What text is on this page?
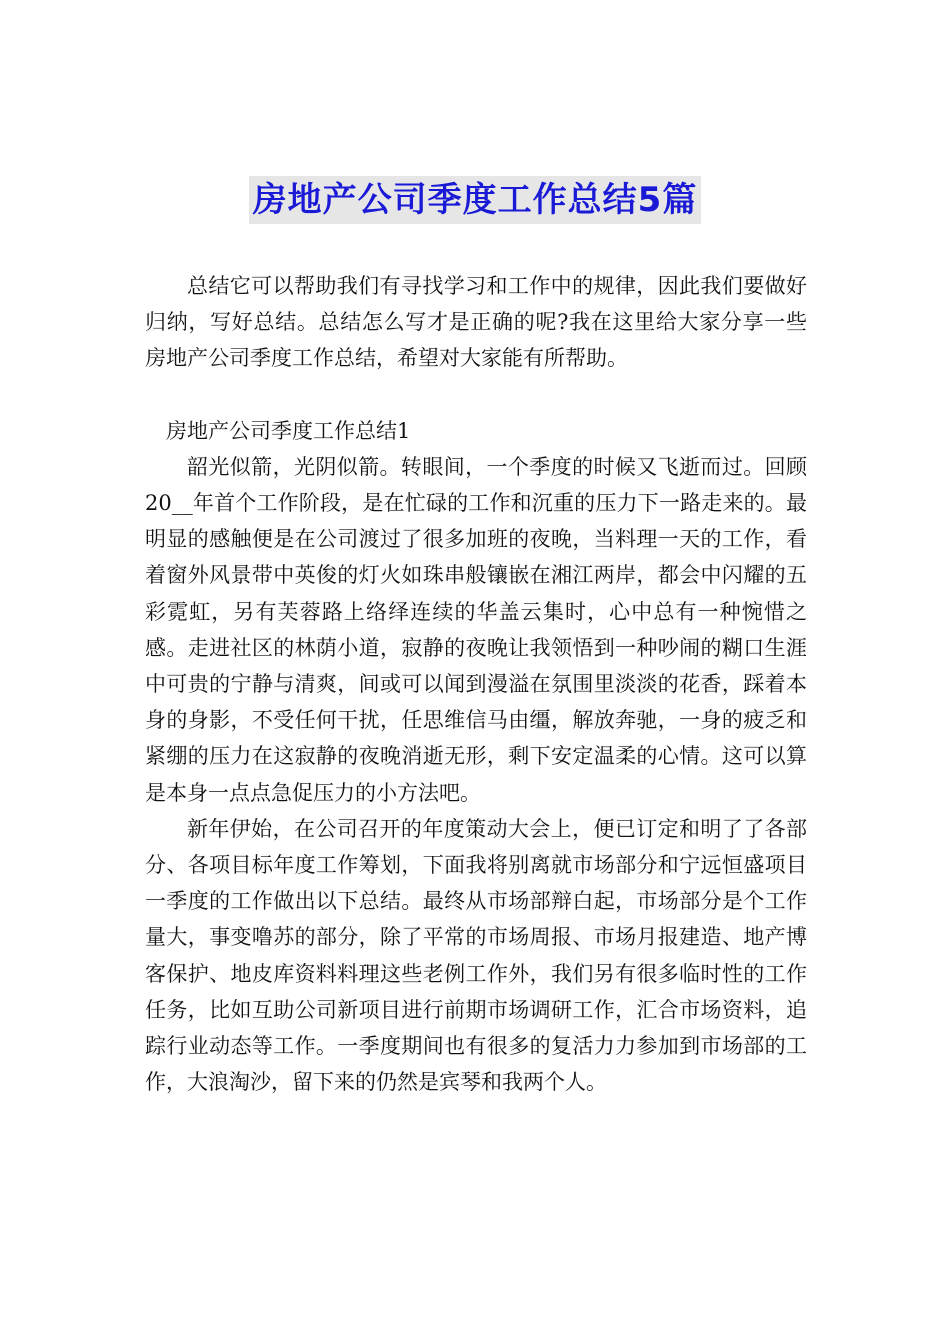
房地产公司季度工作总结5篇

总结它可以帮助我们有寻找学习和工作中的规律，因此我们要做好归纳，写好总结。总结怎么写才是正确的呢?我在这里给大家分享一些房地产公司季度工作总结，希望对大家能有所帮助。

房地产公司季度工作总结1

韶光似箭，光阴似箭。转眼间，一个季度的时候又飞逝而过。回顾20__年首个工作阶段，是在忙碌的工作和沉重的压力下一路走来的。最明显的感触便是在公司渡过了很多加班的夜晚，当料理一天的工作，看着窗外风景带中英俊的灯火如珠串般镶嵌在湘江两岸，都会中闪耀的五彩霓虹，另有芙蓉路上络绎连续的华盖云集时，心中总有一种惋惜之感。走进社区的林荫小道，寂静的夜晚让我领悟到一种吵闹的糊口生涯中可贵的宁静与清爽，间或可以闻到漫溢在氛围里淡淡的花香，踩着本身的身影，不受任何干扰，任思维信马由缰，解放奔驰，一身的疲乏和紧绷的压力在这寂静的夜晚消逝无形，剩下安定温柔的心情。这可以算是本身一点点急促压力的小方法吧。

新年伊始，在公司召开的年度策动大会上，便已订定和明了了各部分、各项目标年度工作筹划，下面我将别离就市场部分和宁远恒盛项目一季度的工作做出以下总结。最终从市场部辩白起，市场部分是个工作量大，事变噜苏的部分，除了平常的市场周报、市场月报建造、地产博客保护、地皮库资料料理这些老例工作外，我们另有很多临时性的工作任务，比如互助公司新项目进行前期市场调研工作，汇合市场资料，追踪行业动态等工作。一季度期间也有很多的复活力力参加到市场部的工作，大浪淘沙，留下来的仍然是宾琴和我两个人。
